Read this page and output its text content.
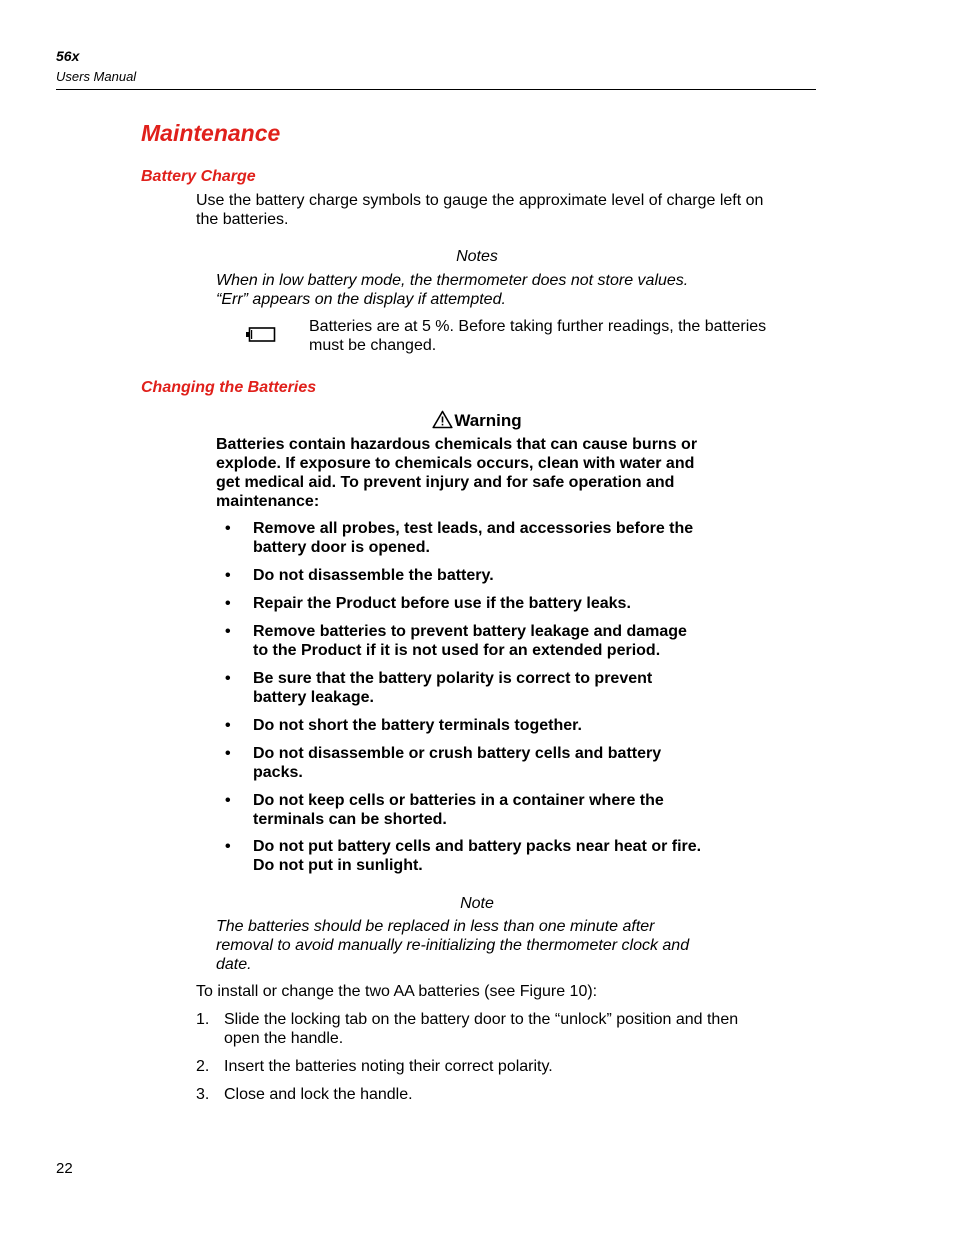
56x
Users Manual
Maintenance
Battery Charge
Use the battery charge symbols to gauge the approximate level of charge left on
the batteries.
Notes
When in low battery mode, the thermometer does not store values.
“Err” appears on the display if attempted.
Batteries are at 5 %. Before taking further readings, the batteries
must be changed.
Changing the Batteries
Warning
Batteries contain hazardous chemicals that can cause burns or
explode. If exposure to chemicals occurs, clean with water and
get medical aid. To prevent injury and for safe operation and
maintenance:
• Remove all probes, test leads, and accessories before the
battery door is opened.
• Do not disassemble the battery.
• Repair the Product before use if the battery leaks.
• Remove batteries to prevent battery leakage and damage
to the Product if it is not used for an extended period.
• Be sure that the battery polarity is correct to prevent
battery leakage.
• Do not short the battery terminals together.
• Do not disassemble or crush battery cells and battery
packs.
• Do not keep cells or batteries in a container where the
terminals can be shorted.
• Do not put battery cells and battery packs near heat or fire.
Do not put in sunlight.
Note
The batteries should be replaced in less than one minute after
removal to avoid manually re-initializing the thermometer clock and
date.
To install or change the two AA batteries (see Figure 10):
1. Slide the locking tab on the battery door to the “unlock” position and then
open the handle.
2. Insert the batteries noting their correct polarity.
3. Close and lock the handle.
22
